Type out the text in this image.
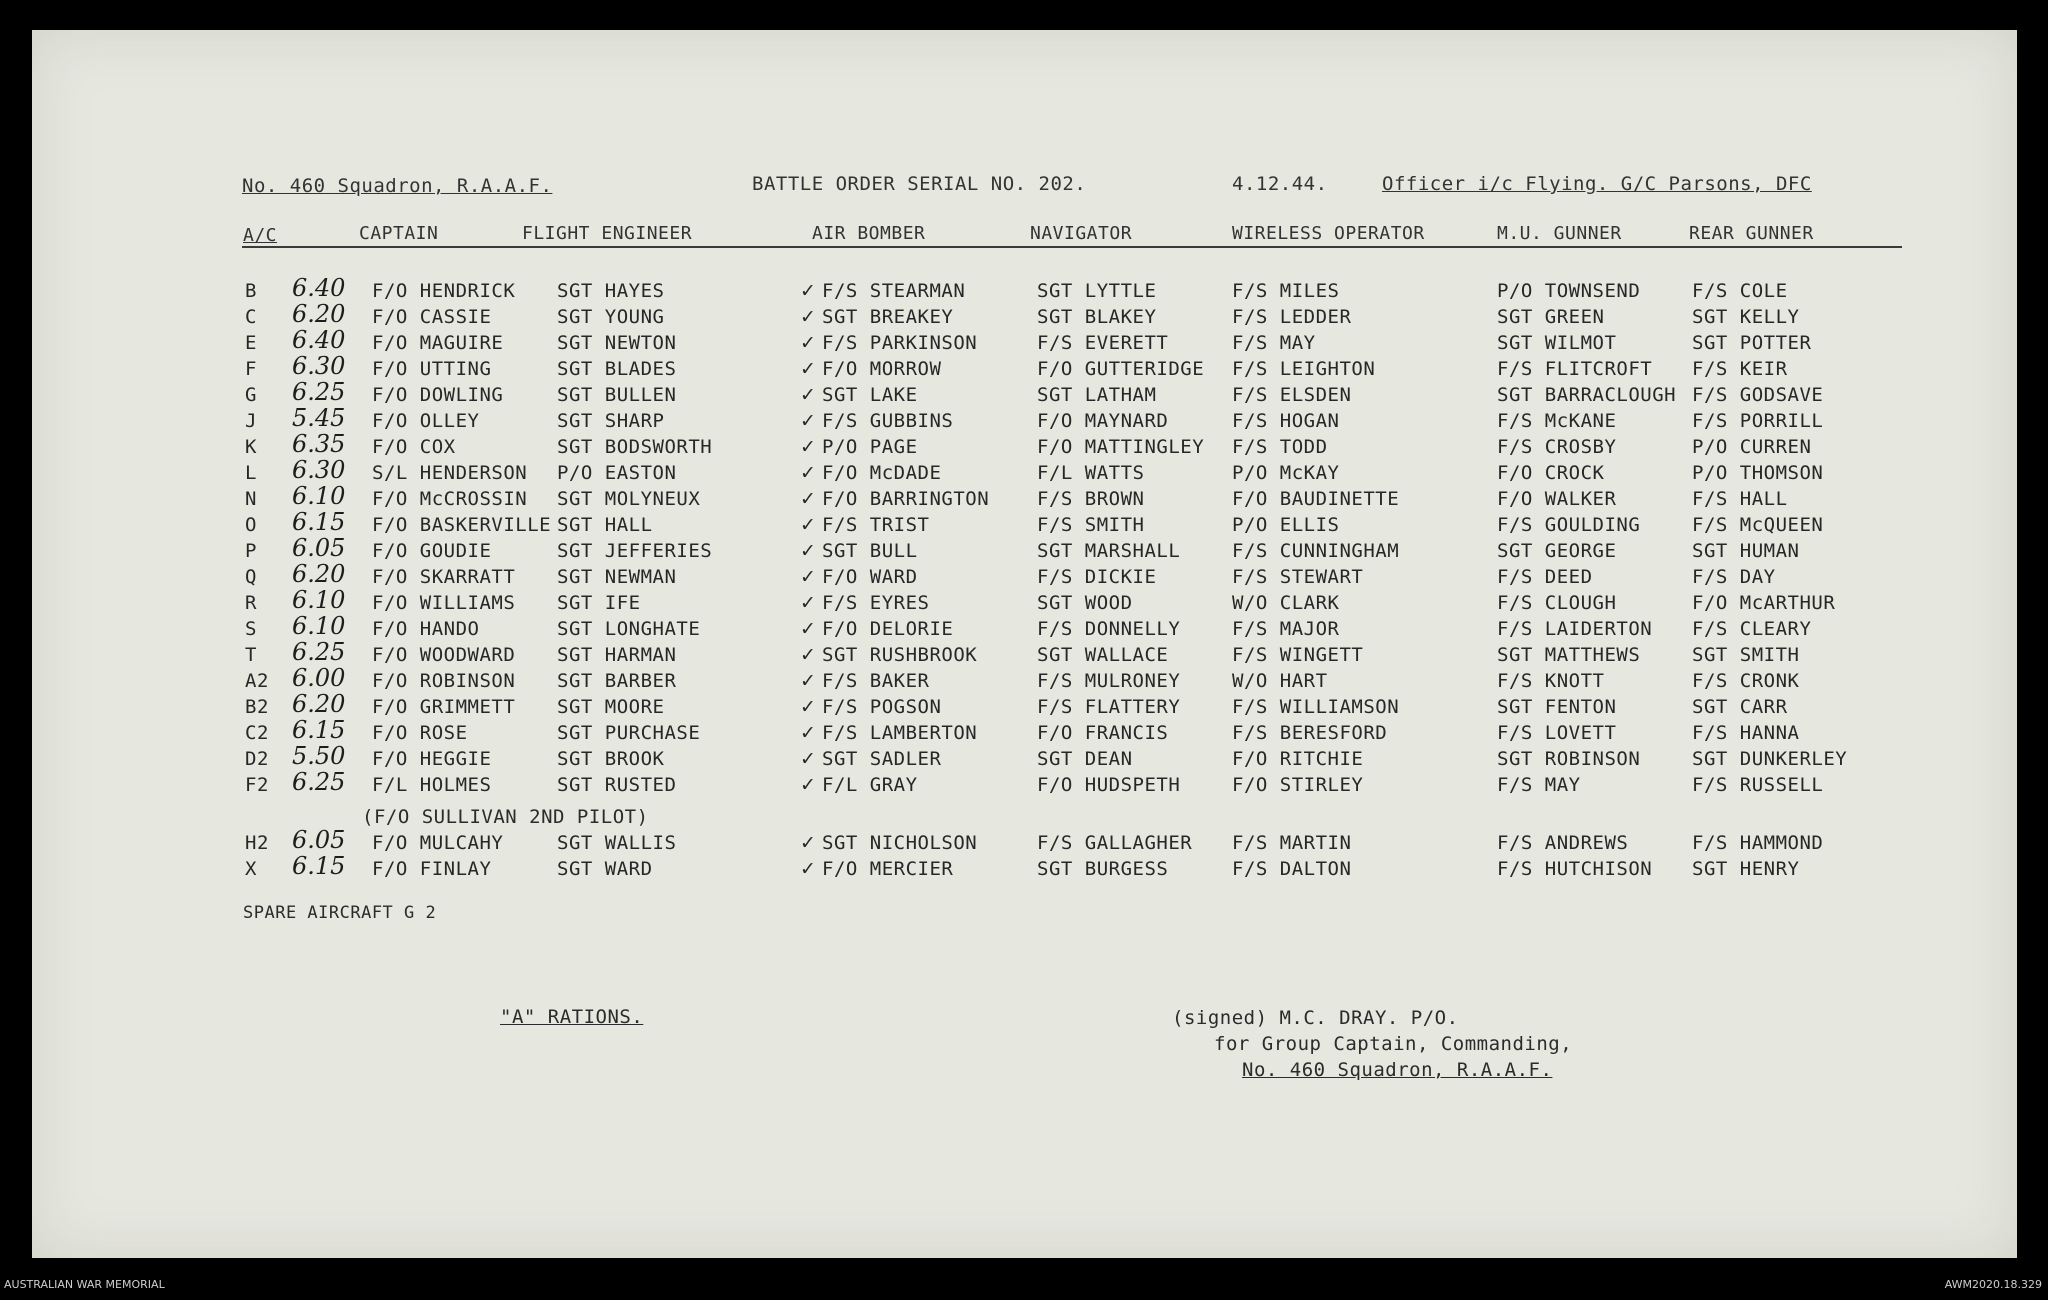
No. 460 Squadron, R.A.A.F.	BATTLE ORDER SERIAL NO. 202.	4.12.44.	Officer i/c Flying. G/C Parsons, DFC
A/C	CAPTAIN	FLIGHT ENGINEER	AIR BOMBER	NAVIGATOR	WIRELESS OPERATOR	M.U. GUNNER	REAR GUNNER
B 6.40 F/O HENDRICK SGT HAYES	✓ F/S STEARMAN	SGT LYTTLE	F/S MILES	P/O TOWNSEND	F/S COLE
C 6.20 F/O CASSIE	SGT YOUNG	✓ SGT BREAKEY	SGT BLAKEY	F/S LEDDER	SGT GREEN	SGT KELLY
E 6.40 F/O MAGUIRE	SGT NEWTON	✓ F/S PARKINSON	F/S EVERETT	F/S MAY	SGT WILMOT	SGT POTTER
F 6.30 F/O UTTING	SGT BLADES	✓ F/O MORROW	F/O GUTTERIDGE F/S LEIGHTON	F/S FLITCROFT F/S KEIR
G 6.25 F/O DOWLING	SGT BULLEN	✓ SGT LAKE	SGT LATHAM	F/S ELSDEN	SGT BARRACLOUGH F/S GODSAVE
J 5.45 F/O OLLEY	SGT SHARP	✓ F/S GUBBINS	F/O MAYNARD	F/S HOGAN	F/S McKANE	F/S PORRILL
K 6.35 F/O COX	SGT BODSWORTH	✓ P/O PAGE	F/O MATTINGLEY F/S TODD	F/S CROSBY	P/O CURREN
L 6.30 S/L HENDERSON P/O EASTON	✓ F/O McDADE	F/L WATTS	P/O McKAY	F/O CROCK	P/O THOMSON
N 6.10 F/O McCROSSIN SGT MOLYNEUX	✓ F/O BARRINGTON	F/S BROWN	F/O BAUDINETTE	F/O WALKER	F/S HALL
O 6.15 F/O BASKERVILLE SGT HALL	✓ F/S TRIST	F/S SMITH	P/O ELLIS	F/S GOULDING	F/S McQUEEN
P 6.05 F/O GOUDIE	SGT JEFFERIES	✓ SGT BULL	SGT MARSHALL	F/S CUNNINGHAM	SGT GEORGE	SGT HUMAN
Q 6.20 F/O SKARRATT SGT NEWMAN	✓ F/O WARD	F/S DICKIE	F/S STEWART	F/S DEED	F/S DAY
R 6.10 F/O WILLIAMS SGT IFE	✓ F/S EYRES	SGT WOOD	W/O CLARK	F/S CLOUGH	F/O McARTHUR
S 6.10 F/O HANDO	SGT LONGHATE	✓ F/O DELORIE	F/S DONNELLY	F/S MAJOR	F/S LAIDERTON F/S CLEARY
T 6.25 F/O WOODWARD SGT HARMAN	✓ SGT RUSHBROOK	SGT WALLACE	F/S WINGETT	SGT MATTHEWS	SGT SMITH
A2 6.00 F/O ROBINSON SGT BARBER	✓ F/S BAKER	F/S MULRONEY	W/O HART	F/S KNOTT	F/S CRONK
B2 6.20 F/O GRIMMETT SGT MOORE	✓ F/S POGSON	F/S FLATTERY	F/S WILLIAMSON	SGT FENTON	SGT CARR
C2 6.15 F/O ROSE	SGT PURCHASE	✓ F/S LAMBERTON	F/O FRANCIS	F/S BERESFORD	F/S LOVETT	F/S HANNA
D2 5.50 F/O HEGGIE	SGT BROOK	✓ SGT SADLER	SGT DEAN	F/O RITCHIE	SGT ROBINSON	SGT DUNKERLEY
F2 6.25 F/L HOLMES	SGT RUSTED	✓ F/L GRAY	F/O HUDSPETH	F/O STIRLEY	F/S MAY	F/S RUSSELL
H2 6.05 F/O MULCAHY	SGT WALLIS	✓ SGT NICHOLSON	F/S GALLAGHER F/S MARTIN	F/S ANDREWS	F/S HAMMOND
X 6.15 F/O FINLAY	SGT WARD	✓ F/O MERCIER	SGT BURGESS	F/S DALTON	F/S HUTCHISON SGT HENRY
(F/O SULLIVAN 2ND PILOT)
SPARE AIRCRAFT G 2
"A" RATIONS.	(signed) M.C. DRAY. P/O.
for Group Captain, Commanding,
No. 460 Squadron, R.A.A.F.
AUSTRALIAN WAR MEMORIAL	AWM2020.18.329
